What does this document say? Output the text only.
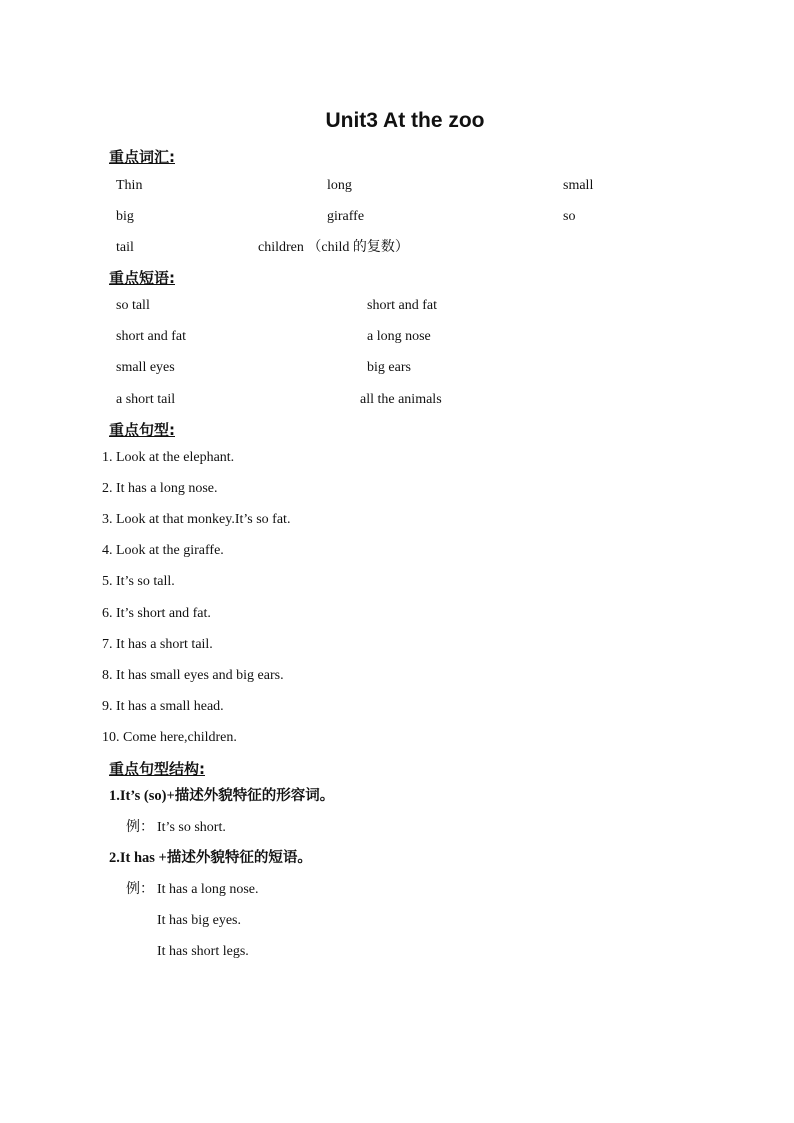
Unit3 At the zoo
重点词汇:
Thin	long	small
big	giraffe	so
tail	children （child 的复数）
重点短语:
so tall	short and fat
short and fat	a long nose
small eyes	big ears
a short tail	all the animals
重点句型:
1. Look at the elephant.
2. It has a long nose.
3. Look at that monkey.It’s so fat.
4. Look at the giraffe.
5. It’s so tall.
6. It’s short and fat.
7. It has a short tail.
8. It has small eyes and big ears.
9. It has a small head.
10. Come here,children.
重点句型结构:
1.It’s (so)+描述外貌特征的形容词。
例： It’s so short.
2.It has +描述外貌特征的短语。
例： It has a long nose.
It has big eyes.
It has short legs.
